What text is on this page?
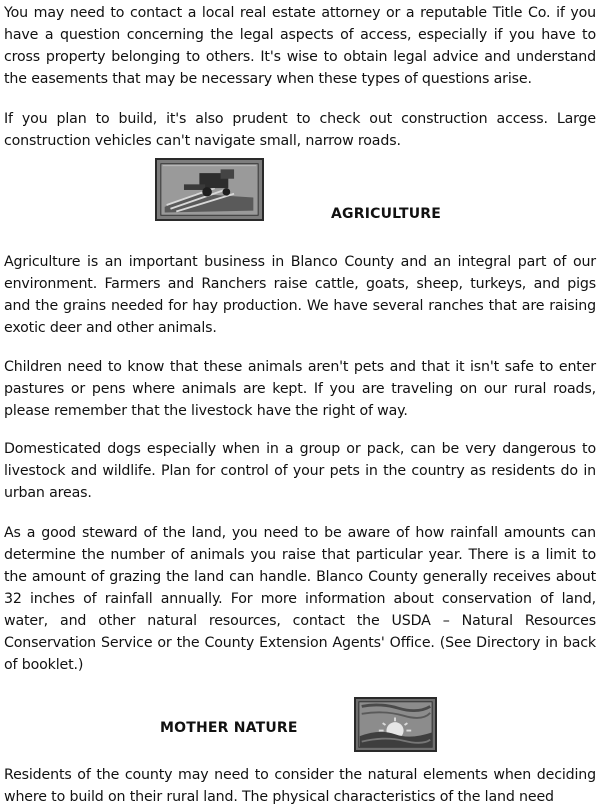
You may need to contact a local real estate attorney or a reputable Title Co. if you have a question concerning the legal aspects of access, especially if you have to cross property belonging to others. It's wise to obtain legal advice and understand the easements that may be necessary when these types of questions arise.

If you plan to build, it's also prudent to check out construction access. Large construction vehicles can't navigate small, narrow roads.

AGRICULTURE

Agriculture is an important business in Blanco County and an integral part of our environment. Farmers and Ranchers raise cattle, goats, sheep, turkeys, and pigs and the grains needed for hay production. We have several ranches that are raising exotic deer and other animals.

Children need to know that these animals aren't pets and that it isn't safe to enter pastures or pens where animals are kept. If you are traveling on our rural roads, please remember that the livestock have the right of way.

Domesticated dogs especially when in a group or pack, can be very dangerous to livestock and wildlife. Plan for control of your pets in the country as residents do in urban areas.

As a good steward of the land, you need to be aware of how rainfall amounts can determine the number of animals you raise that particular year. There is a limit to the amount of grazing the land can handle. Blanco County generally receives about 32 inches of rainfall annually. For more information about conservation of land, water, and other natural resources, contact the USDA – Natural Resources Conservation Service or the County Extension Agents' Office. (See Directory in back of booklet.)

MOTHER NATURE

Residents of the county may need to consider the natural elements when deciding where to build on their rural land. The physical characteristics of the land need
